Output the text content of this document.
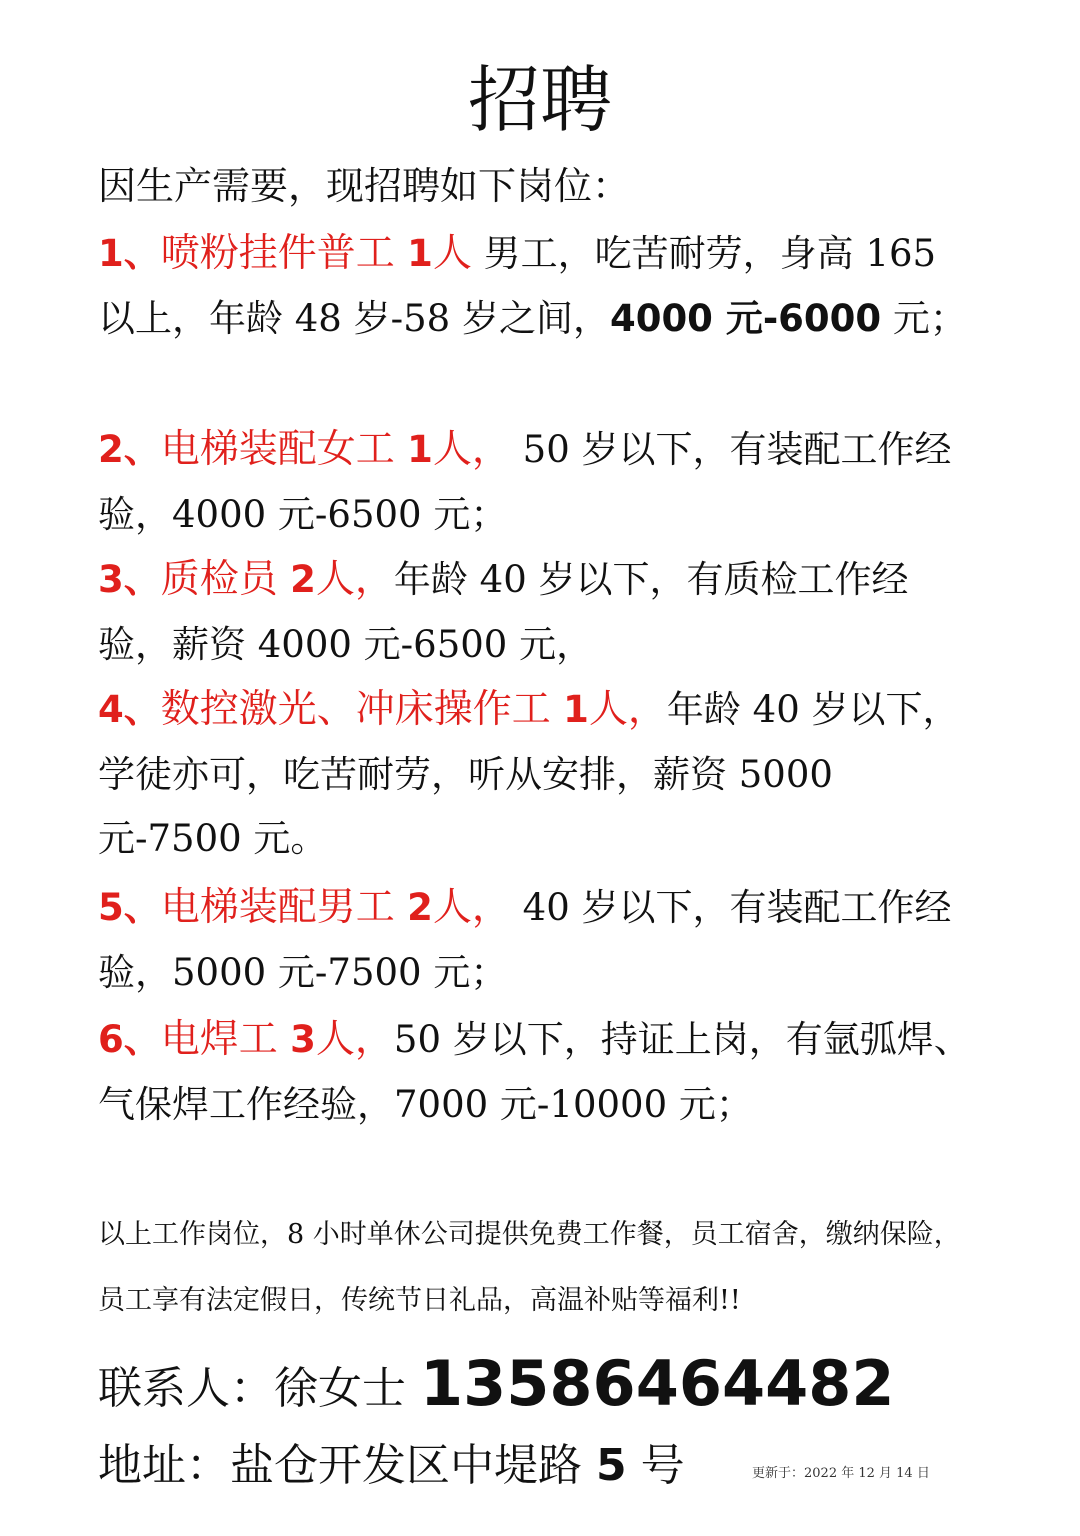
招聘
因生产需要，现招聘如下岗位：
1、喷粉挂件普工 1人 男工，吃苦耐劳，身高 165 以上，年龄 48 岁-58 岁之间，4000 元-6000 元；
2、电梯装配女工 1人， 50 岁以下，有装配工作经验，4000 元-6500 元；
3、质检员 2人，年龄 40 岁以下，有质检工作经验，薪资 4000 元-6500 元，
4、数控激光、冲床操作工 1人，年龄 40 岁以下，学徒亦可，吃苦耐劳，听从安排，薪资 5000 元-7500 元。
5、电梯装配男工 2人， 40 岁以下，有装配工作经验，5000 元-7500 元；
6、电焊工 3人，50 岁以下，持证上岗，有氩弧焊、气保焊工作经验，7000 元-10000 元；
以上工作岗位，8 小时单休公司提供免费工作餐，员工宿舍，缴纳保险，员工享有法定假日，传统节日礼品，高温补贴等福利!!
联系人：徐女士 13586464482
地址：盐仓开发区中堤路 5 号	更新于：2022 年 12 月 14 日
